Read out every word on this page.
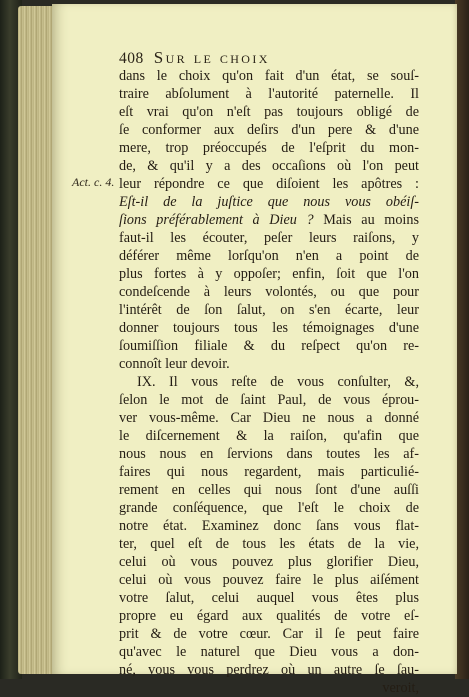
408 Sur le choix
Act. c. 4.
dans le choix qu'on fait d'un état, se souſ-
traire abſolument à l'autorité paternelle. Il
eſt vrai qu'on n'eſt pas toujours obligé de
ſe conformer aux deſirs d'un pere & d'une
mere, trop préoccupés de l'eſprit du mon-
de, & qu'il y a des occaſions où l'on peut
leur répondre ce que diſoient les apôtres :
Eſt-il de la juſtice que nous vous obéiſ-
ſions préférablement à Dieu ? Mais au moins
faut-il les écouter, peſer leurs raiſons, y
déférer même lorſqu'on n'en a point de
plus fortes à y oppoſer; enfin, ſoit que l'on
condeſcende à leurs volontés, ou que pour
l'intérêt de ſon ſalut, on s'en écarte, leur
donner toujours tous les témoignages d'une
ſoumiſſion filiale & du reſpect qu'on re-
connoît leur devoir.
IX. Il vous reſte de vous conſulter, &,
ſelon le mot de ſaint Paul, de vous éprou-
ver vous-même. Car Dieu ne nous a donné
le diſcernement & la raiſon, qu'afin que
nous nous en ſervions dans toutes les af-
faires qui nous regardent, mais particulié-
rement en celles qui nous ſont d'une auſſi
grande conſéquence, que l'eſt le choix de
notre état. Examinez donc ſans vous flat-
ter, quel eſt de tous les états de la vie,
celui où vous pouvez plus glorifier Dieu,
celui où vous pouvez faire le plus aiſément
votre ſalut, celui auquel vous êtes plus
propre eu égard aux qualités de votre eſ-
prit & de votre cœur. Car il ſe peut faire
qu'avec le naturel que Dieu vous a don-
né, vous vous perdrez où un autre ſe ſau-
veroit,
